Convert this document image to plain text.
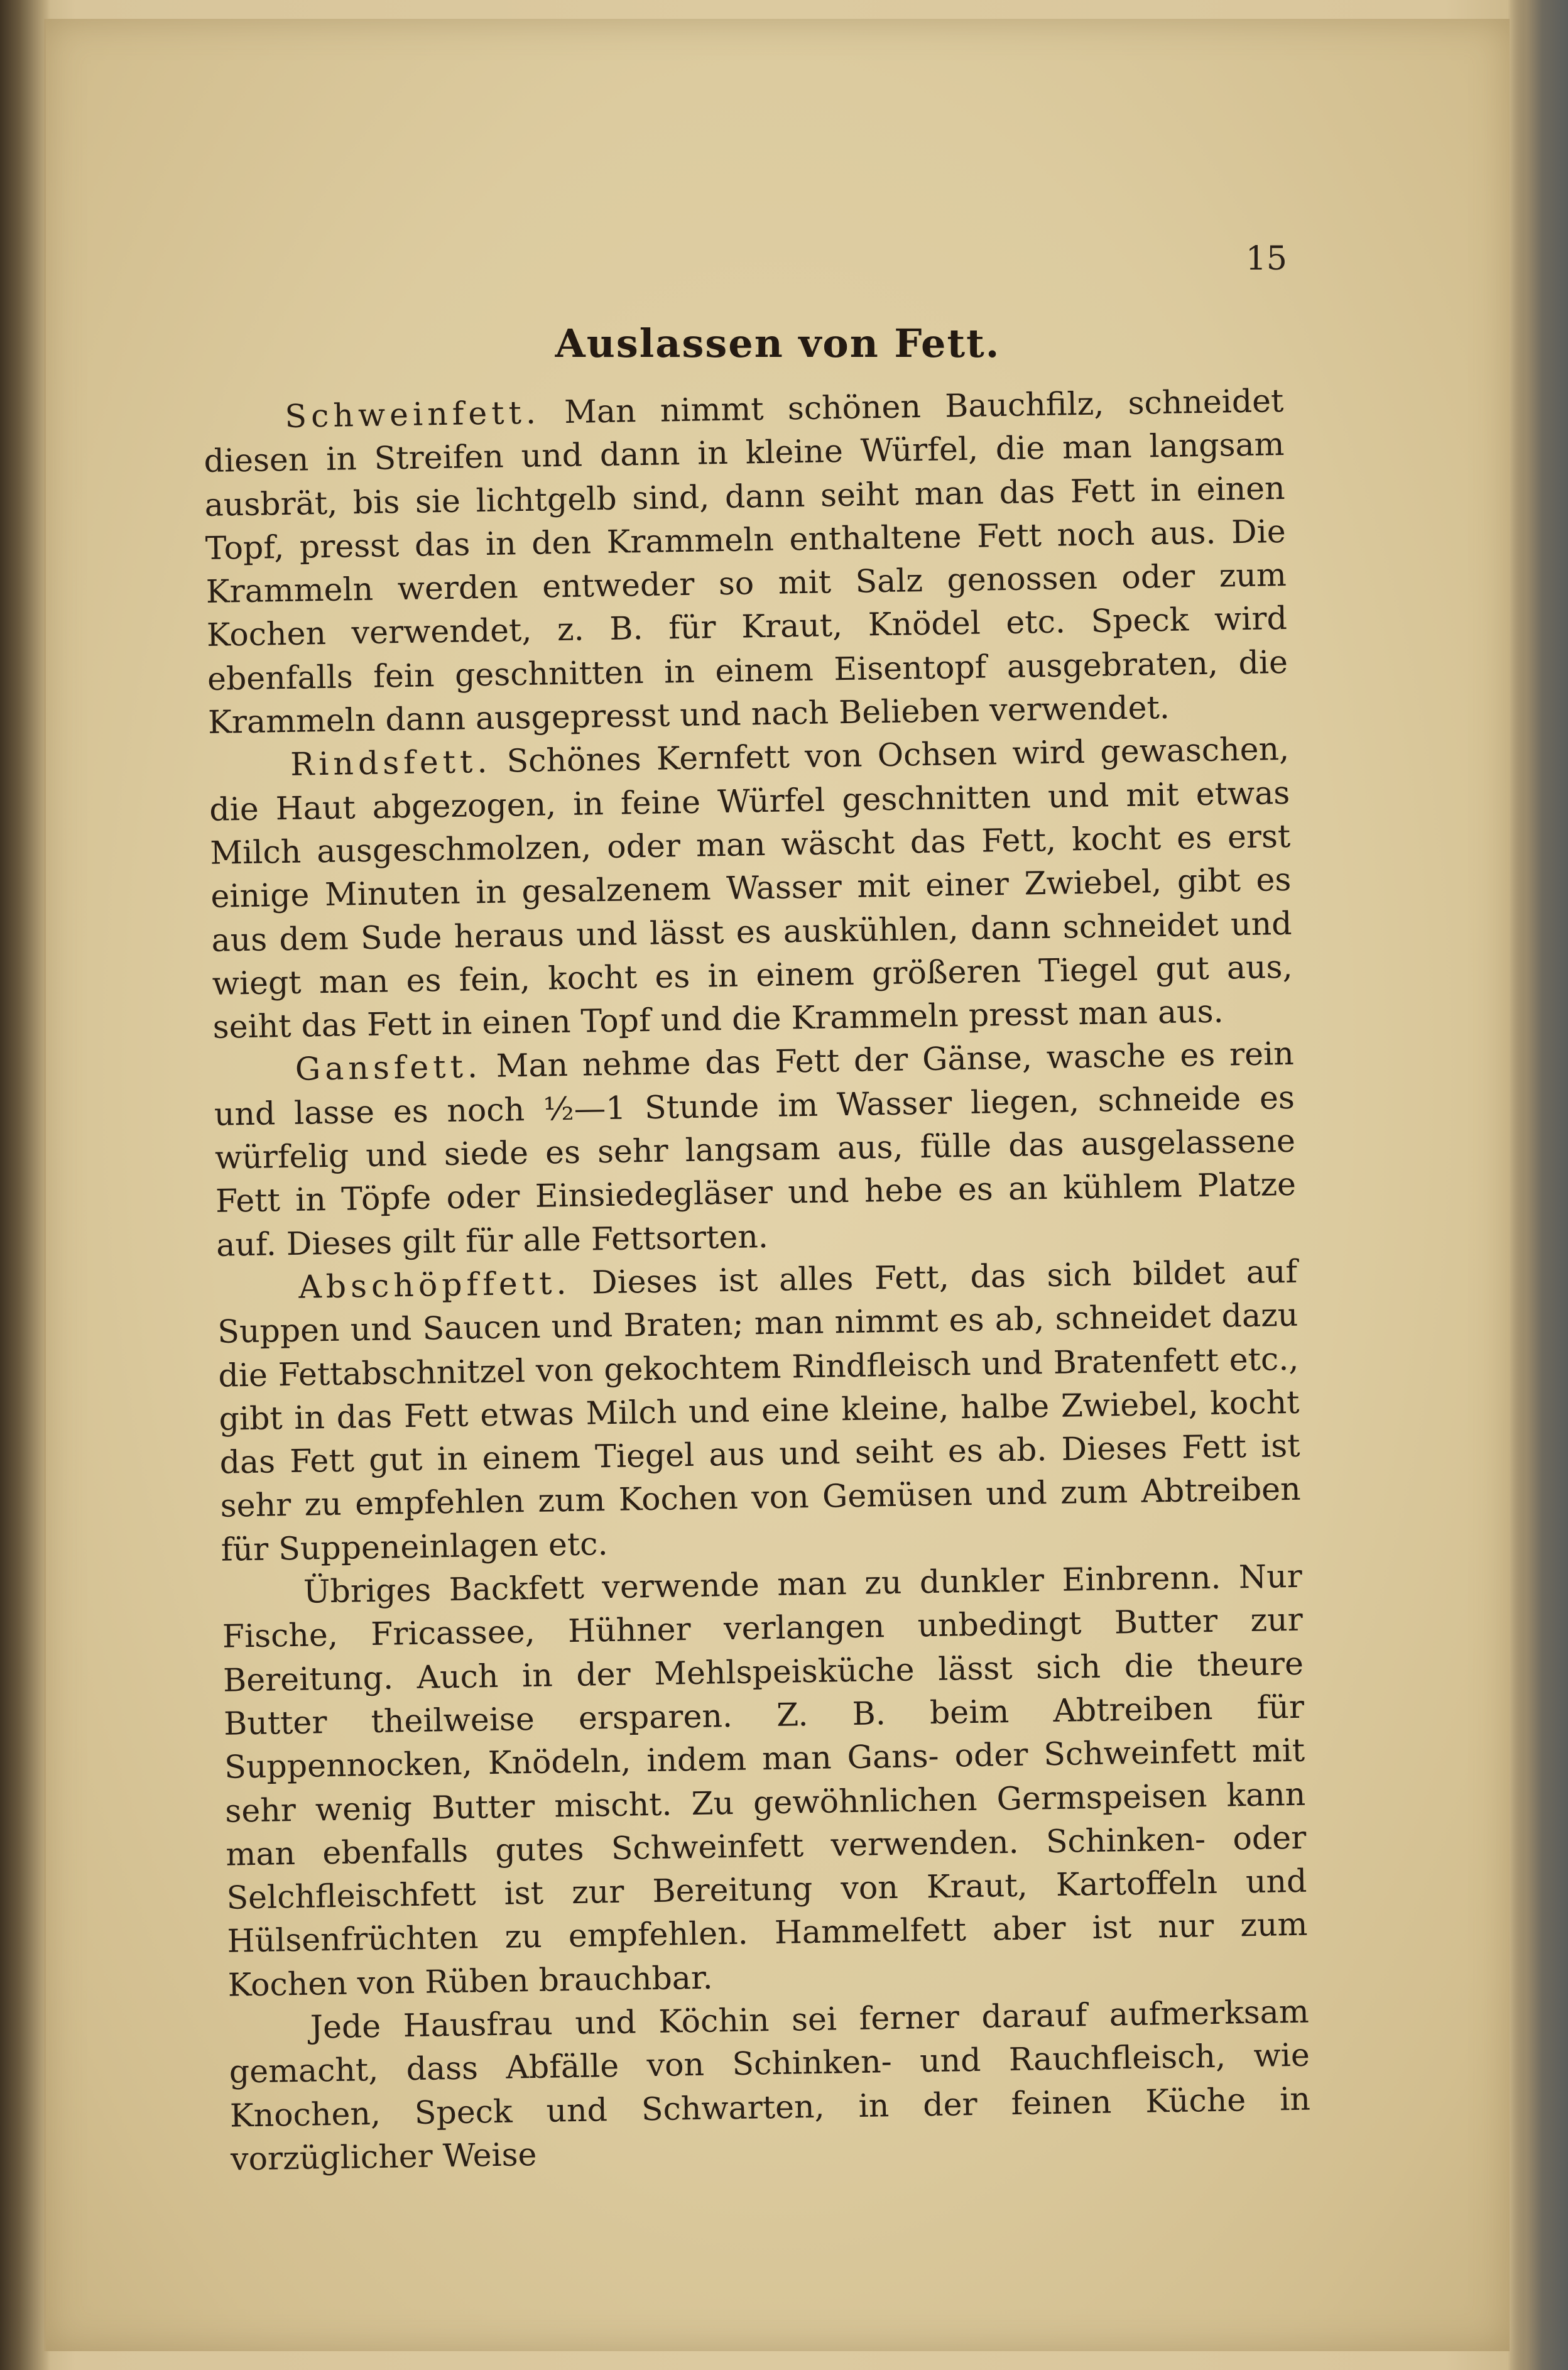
15
Auslassen von Fett.

Schweinfett. Man nimmt schönen Bauchfilz, schneidet diesen in Streifen und dann in kleine Würfel, die man langsam ausbrät, bis sie lichtgelb sind, dann seiht man das Fett in einen Topf, presst das in den Krammeln enthaltene Fett noch aus. Die Krammeln werden entweder so mit Salz genossen oder zum Kochen verwendet, z. B. für Kraut, Knödel etc. Speck wird ebenfalls fein geschnitten in einem Eisentopf ausgebraten, die Krammeln dann ausgepresst und nach Belieben verwendet.

Rindsfett. Schönes Kernfett von Ochsen wird gewaschen, die Haut abgezogen, in feine Würfel geschnitten und mit etwas Milch ausgeschmolzen, oder man wäscht das Fett, kocht es erst einige Minuten in gesalzenem Wasser mit einer Zwiebel, gibt es aus dem Sude heraus und lässt es auskühlen, dann schneidet und wiegt man es fein, kocht es in einem größeren Tiegel gut aus, seiht das Fett in einen Topf und die Krammeln presst man aus.

Gansfett. Man nehme das Fett der Gänse, wasche es rein und lasse es noch ½—1 Stunde im Wasser liegen, schneide es würfelig und siede es sehr langsam aus, fülle das ausgelassene Fett in Töpfe oder Einsiedegläser und hebe es an kühlem Platze auf. Dieses gilt für alle Fettsorten.

Abschöpffett. Dieses ist alles Fett, das sich bildet auf Suppen und Saucen und Braten; man nimmt es ab, schneidet dazu die Fettabschnitzel von gekochtem Rindfleisch und Bratenfett etc., gibt in das Fett etwas Milch und eine kleine, halbe Zwiebel, kocht das Fett gut in einem Tiegel aus und seiht es ab. Dieses Fett ist sehr zu empfehlen zum Kochen von Gemüsen und zum Abtreiben für Suppeneinlagen etc.

Übriges Backfett verwende man zu dunkler Einbrenn. Nur Fische, Fricassee, Hühner verlangen unbedingt Butter zur Bereitung. Auch in der Mehlspeisküche lässt sich die theure Butter theilweise ersparen. Z. B. beim Abtreiben für Suppennocken, Knödeln, indem man Gans- oder Schweinfett mit sehr wenig Butter mischt. Zu gewöhnlichen Germspeisen kann man ebenfalls gutes Schweinfett verwenden. Schinken- oder Selchfleischfett ist zur Bereitung von Kraut, Kartoffeln und Hülsenfrüchten zu empfehlen. Hammelfett aber ist nur zum Kochen von Rüben brauchbar.

Jede Hausfrau und Köchin sei ferner darauf aufmerksam gemacht, dass Abfälle von Schinken- und Rauchfleisch, wie Knochen, Speck und Schwarten, in der feinen Küche in vorzüglicher Weise
